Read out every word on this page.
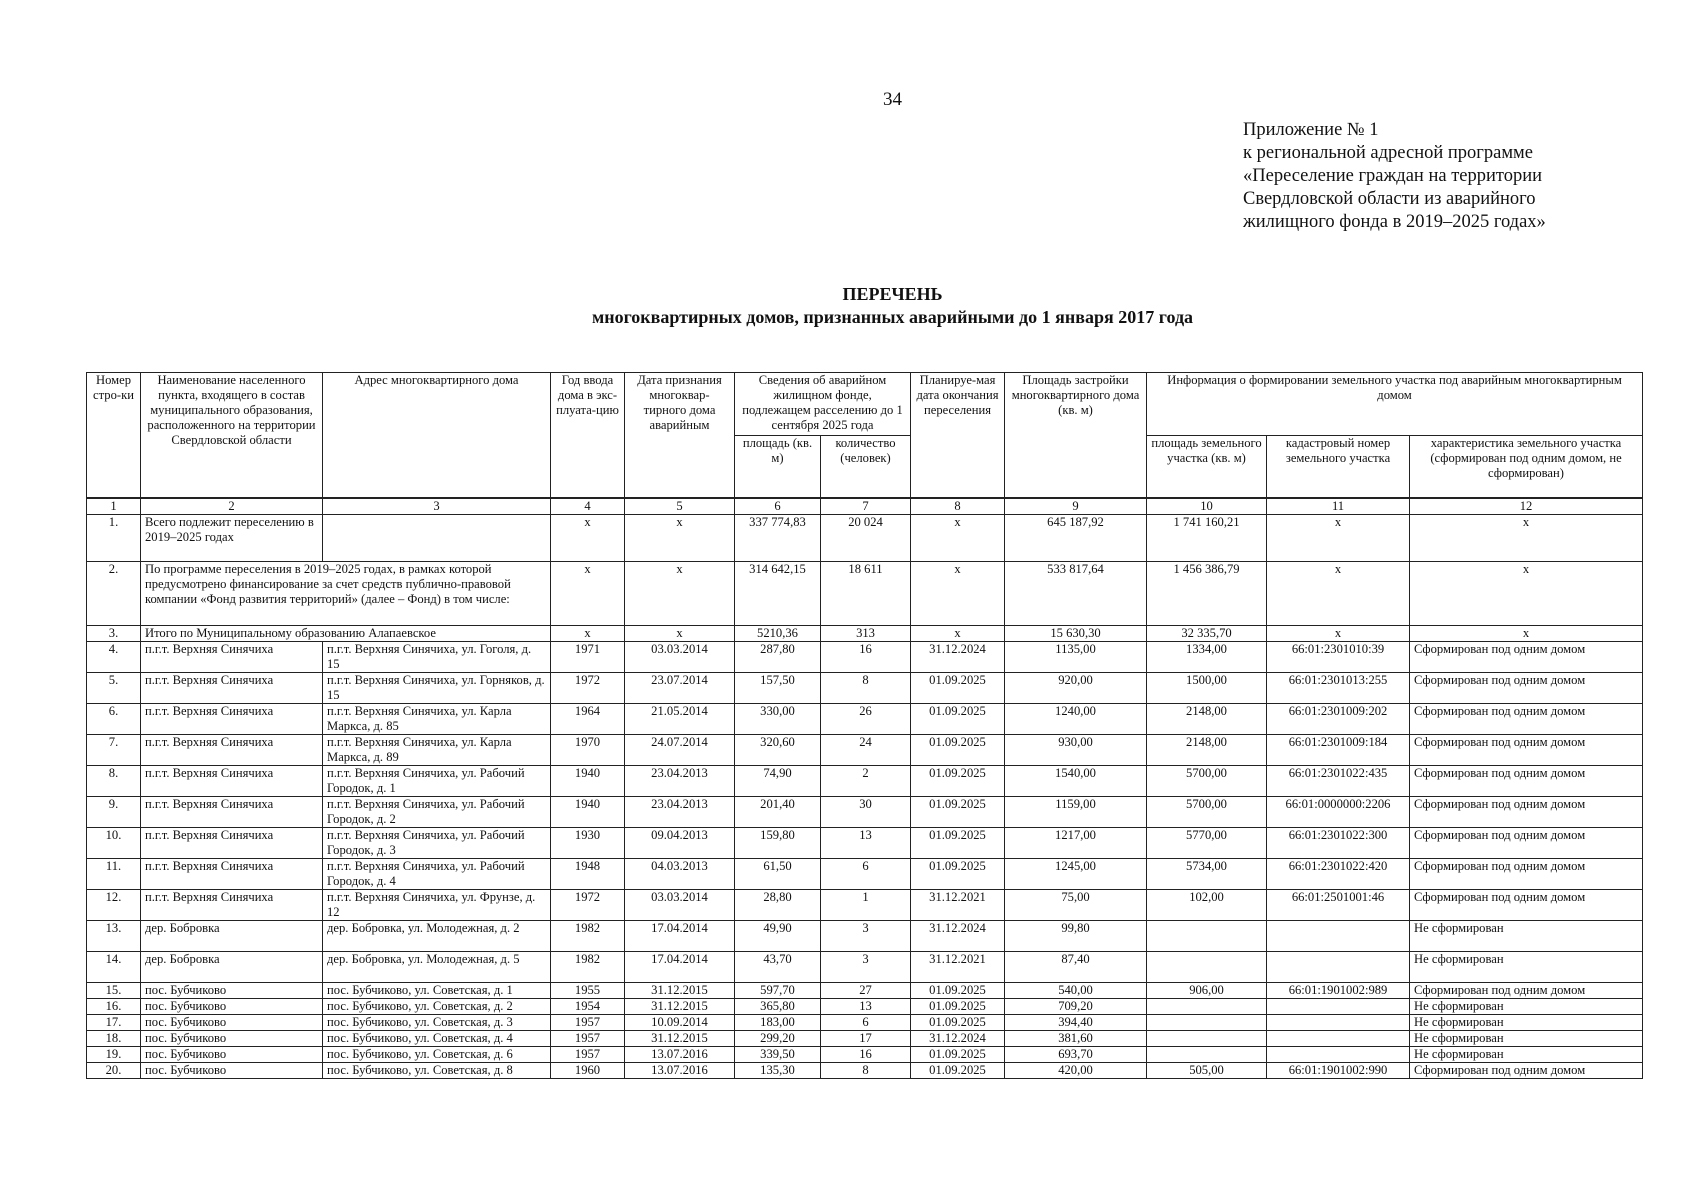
34
Приложение № 1
к региональной адресной программе
«Переселение граждан на территории
Свердловской области из аварийного
жилищного фонда в 2019–2025 годах»
ПЕРЕЧЕНЬ
многоквартирных домов, признанных аварийными до 1 января 2017 года
Номер стро-ки	Наименование населенного пункта, входящего в состав муниципального образования, расположенного на территории Свердловской области	Адрес многоквартирного дома	Год ввода дома в экс-плуата-цию	Дата признания многоквар-тирного дома аварийным	Сведения об аварийном жилищном фонде, подлежащем расселению до 1 сентября 2025 года		Планируе-мая дата окончания переселения	Площадь застройки многоквартирного дома (кв. м)	Информация о формировании земельного участка под аварийным многоквартирным домом		
					площадь (кв. м)	количество (человек)			площадь земельного участка (кв. м)	кадастровый номер земельного участка	характеристика земельного участка (сформирован под одним домом, не сформирован)
1	2	3	4	5	6	7	8	9	10	11	12
1.	Всего подлежит переселению в 2019–2025 годах		x	x	337 774,83	20 024	x	645 187,92	1 741 160,21	x	x
2.	По программе переселения в 2019–2025 годах, в рамках которой предусмотрено финансирование за счет средств публично-правовой компании «Фонд развития территорий» (далее – Фонд) в том числе:		x	x	314 642,15	18 611	x	533 817,64	1 456 386,79	x	x
3.	Итого по Муниципальному образованию Алапаевское		x	x	5210,36	313	x	15 630,30	32 335,70	x	x
4.	п.г.т. Верхняя Синячиха	п.г.т. Верхняя Синячиха, ул. Гоголя, д. 15	1971	03.03.2014	287,80	16	31.12.2024	1135,00	1334,00	66:01:2301010:39	Сформирован под одним домом
5.	п.г.т. Верхняя Синячиха	п.г.т. Верхняя Синячиха, ул. Горняков, д. 15	1972	23.07.2014	157,50	8	01.09.2025	920,00	1500,00	66:01:2301013:255	Сформирован под одним домом
6.	п.г.т. Верхняя Синячиха	п.г.т. Верхняя Синячиха, ул. Карла Маркса, д. 85	1964	21.05.2014	330,00	26	01.09.2025	1240,00	2148,00	66:01:2301009:202	Сформирован под одним домом
7.	п.г.т. Верхняя Синячиха	п.г.т. Верхняя Синячиха, ул. Карла Маркса, д. 89	1970	24.07.2014	320,60	24	01.09.2025	930,00	2148,00	66:01:2301009:184	Сформирован под одним домом
8.	п.г.т. Верхняя Синячиха	п.г.т. Верхняя Синячиха, ул. Рабочий Городок, д. 1	1940	23.04.2013	74,90	2	01.09.2025	1540,00	5700,00	66:01:2301022:435	Сформирован под одним домом
9.	п.г.т. Верхняя Синячиха	п.г.т. Верхняя Синячиха, ул. Рабочий Городок, д. 2	1940	23.04.2013	201,40	30	01.09.2025	1159,00	5700,00	66:01:0000000:2206	Сформирован под одним домом
10.	п.г.т. Верхняя Синячиха	п.г.т. Верхняя Синячиха, ул. Рабочий Городок, д. 3	1930	09.04.2013	159,80	13	01.09.2025	1217,00	5770,00	66:01:2301022:300	Сформирован под одним домом
11.	п.г.т. Верхняя Синячиха	п.г.т. Верхняя Синячиха, ул. Рабочий Городок, д. 4	1948	04.03.2013	61,50	6	01.09.2025	1245,00	5734,00	66:01:2301022:420	Сформирован под одним домом
12.	п.г.т. Верхняя Синячиха	п.г.т. Верхняя Синячиха, ул. Фрунзе, д. 12	1972	03.03.2014	28,80	1	31.12.2021	75,00	102,00	66:01:2501001:46	Сформирован под одним домом
13.	дер. Бобровка	дер. Бобровка, ул. Молодежная, д. 2	1982	17.04.2014	49,90	3	31.12.2024	99,80			Не сформирован
14.	дер. Бобровка	дер. Бобровка, ул. Молодежная, д. 5	1982	17.04.2014	43,70	3	31.12.2021	87,40			Не сформирован
15.	пос. Бубчиково	пос. Бубчиково, ул. Советская, д. 1	1955	31.12.2015	597,70	27	01.09.2025	540,00	906,00	66:01:1901002:989	Сформирован под одним домом
16.	пос. Бубчиково	пос. Бубчиково, ул. Советская, д. 2	1954	31.12.2015	365,80	13	01.09.2025	709,20			Не сформирован
17.	пос. Бубчиково	пос. Бубчиково, ул. Советская, д. 3	1957	10.09.2014	183,00	6	01.09.2025	394,40			Не сформирован
18.	пос. Бубчиково	пос. Бубчиково, ул. Советская, д. 4	1957	31.12.2015	299,20	17	31.12.2024	381,60			Не сформирован
19.	пос. Бубчиково	пос. Бубчиково, ул. Советская, д. 6	1957	13.07.2016	339,50	16	01.09.2025	693,70			Не сформирован
20.	пос. Бубчиково	пос. Бубчиково, ул. Советская, д. 8	1960	13.07.2016	135,30	8	01.09.2025	420,00	505,00	66:01:1901002:990	Сформирован под одним домом
